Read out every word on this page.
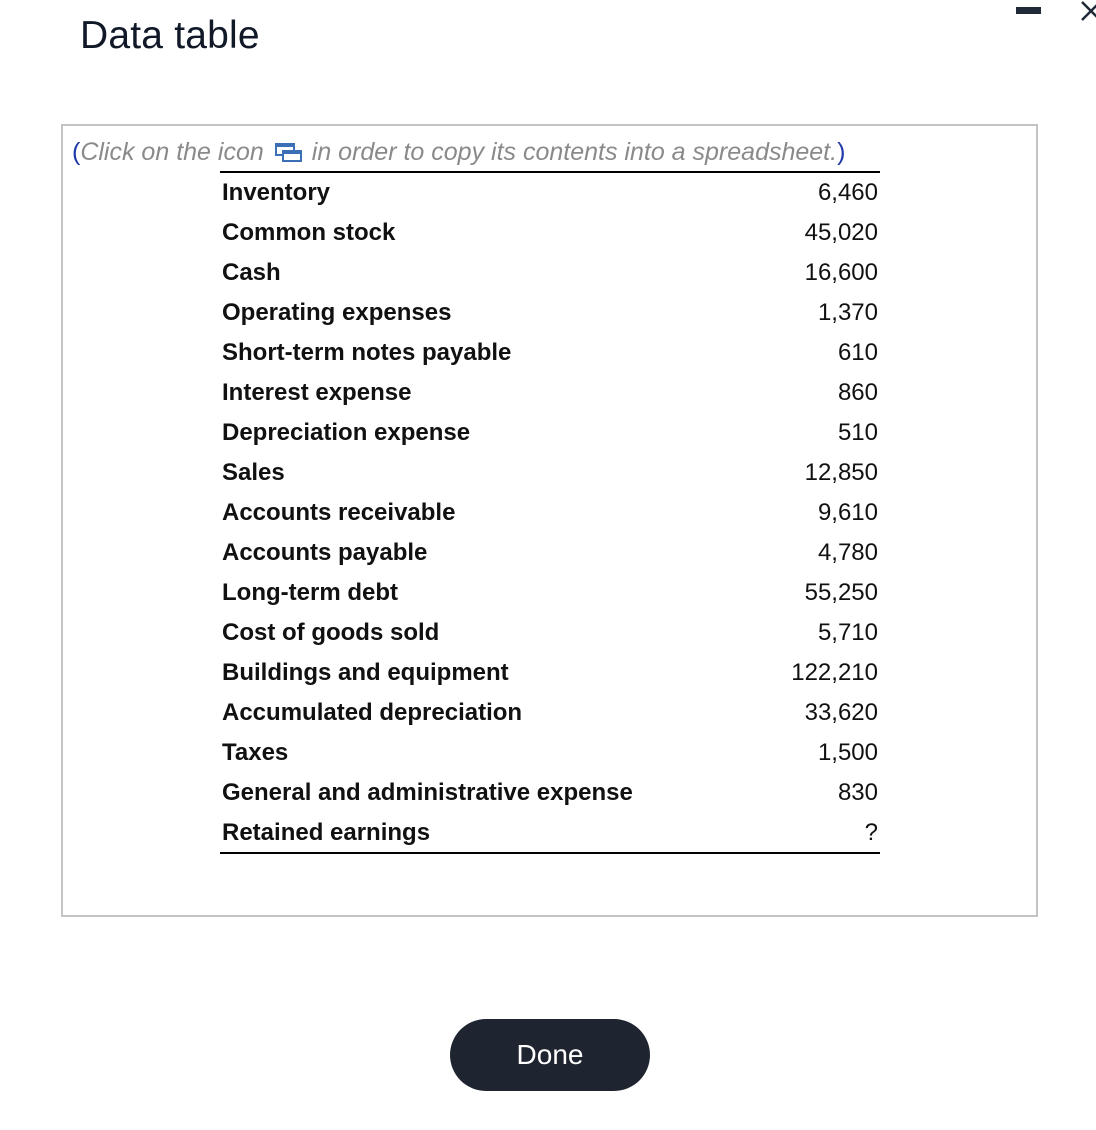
Data table
(Click on the icon in order to copy its contents into a spreadsheet.)
Inventory	6,460
Common stock	45,020
Cash	16,600
Operating expenses	1,370
Short-term notes payable	610
Interest expense	860
Depreciation expense	510
Sales	12,850
Accounts receivable	9,610
Accounts payable	4,780
Long-term debt	55,250
Cost of goods sold	5,710
Buildings and equipment	122,210
Accumulated depreciation	33,620
Taxes	1,500
General and administrative expense	830
Retained earnings	?
Done
